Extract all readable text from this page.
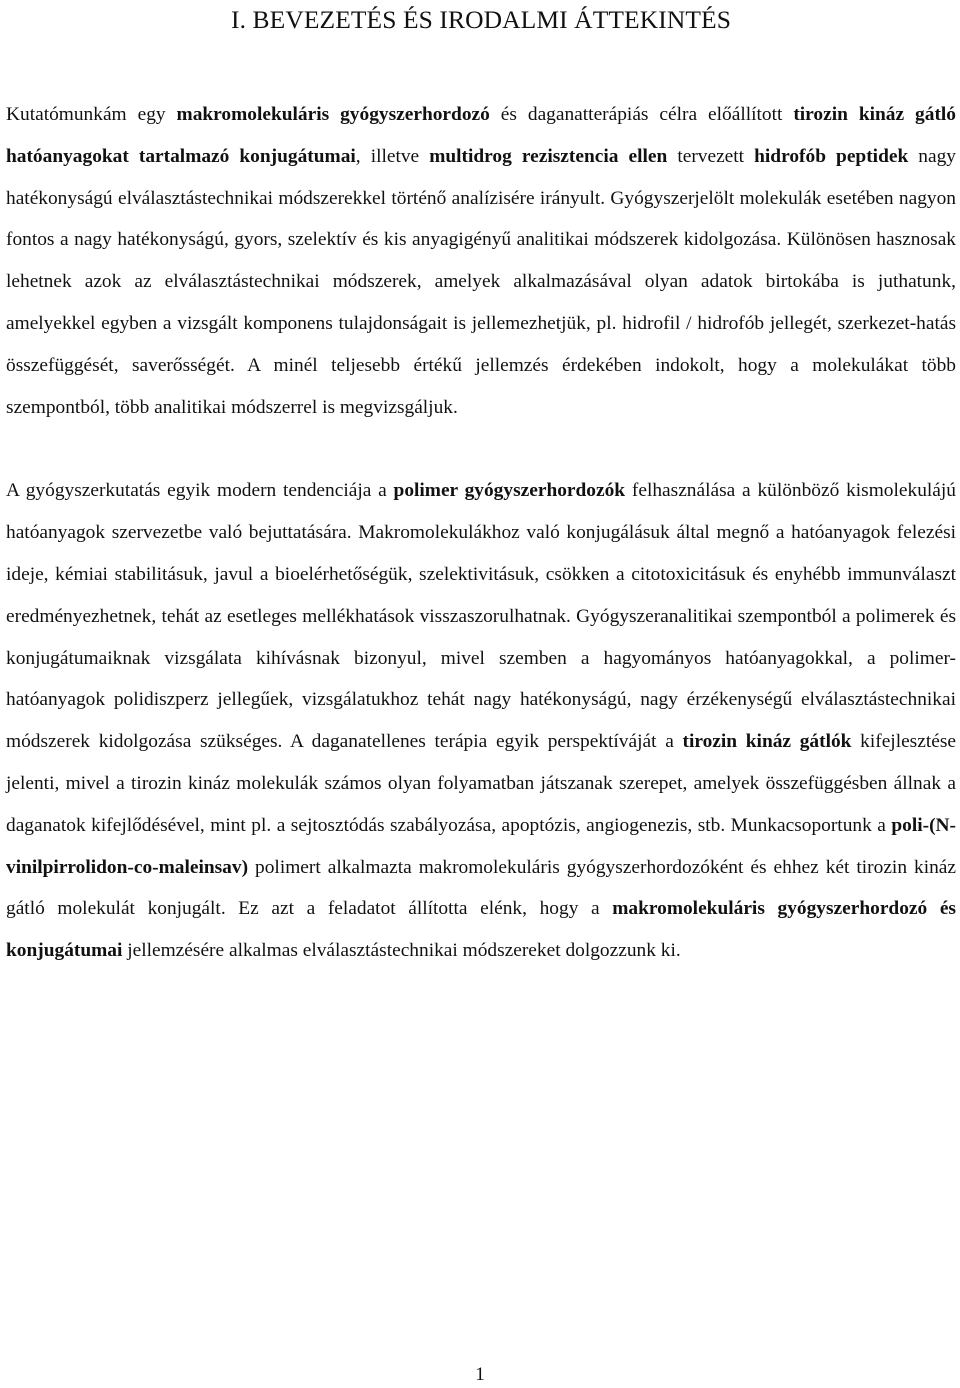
I. BEVEZETÉS ÉS IRODALMI ÁTTEKINTÉS

Kutatómunkám egy makromolekuláris gyógyszerhordozó és daganatterápiás célra előállított tirozin kináz gátló hatóanyagokat tartalmazó konjugátumai, illetve multidrog rezisztencia ellen tervezett hidrofób peptidek nagy hatékonyságú elválasztástechnikai módszerekkel történő analízisére irányult. Gyógyszerjelölt molekulák esetében nagyon fontos a nagy hatékonyságú, gyors, szelektív és kis anyagigényű analitikai módszerek kidolgozása. Különösen hasznosak lehetnek azok az elválasztástechnikai módszerek, amelyek alkalmazásával olyan adatok birtokába is juthatunk, amelyekkel egyben a vizsgált komponens tulajdonságait is jellemezhetjük, pl. hidrofil / hidrofób jellegét, szerkezet-hatás összefüggését, saverősségét. A minél teljesebb értékű jellemzés érdekében indokolt, hogy a molekulákat több szempontból, több analitikai módszerrel is megvizsgáljuk.

A gyógyszerkutatás egyik modern tendenciája a polimer gyógyszerhordozók felhasználása a különböző kismolekulájú hatóanyagok szervezetbe való bejuttatására. Makromolekulákhoz való konjugálásuk által megnő a hatóanyagok felezési ideje, kémiai stabilitásuk, javul a bioelérhetőségük, szelektivitásuk, csökken a citotoxicitásuk és enyhébb immunválaszt eredményezhetnek, tehát az esetleges mellékhatások visszaszorulhatnak. Gyógyszeranalitikai szempontból a polimerek és konjugátumaiknak vizsgálata kihívásnak bizonyul, mivel szemben a hagyományos hatóanyagokkal, a polimer-hatóanyagok polidiszperz jellegűek, vizsgálatukhoz tehát nagy hatékonyságú, nagy érzékenységű elválasztástechnikai módszerek kidolgozása szükséges. A daganatellenes terápia egyik perspektíváját a tirozin kináz gátlók kifejlesztése jelenti, mivel a tirozin kináz molekulák számos olyan folyamatban játszanak szerepet, amelyek összefüggésben állnak a daganatok kifejlődésével, mint pl. a sejtosztódás szabályozása, apoptózis, angiogenezis, stb. Munkacsoportunk a poli-(N-vinilpirrolidon-co-maleinsav) polimert alkalmazta makromolekuláris gyógyszerhordozóként és ehhez két tirozin kináz gátló molekulát konjugált. Ez azt a feladatot állította elénk, hogy a makromolekuláris gyógyszerhordozó és konjugátumai jellemzésére alkalmas elválasztástechnikai módszereket dolgozzunk ki.

1
